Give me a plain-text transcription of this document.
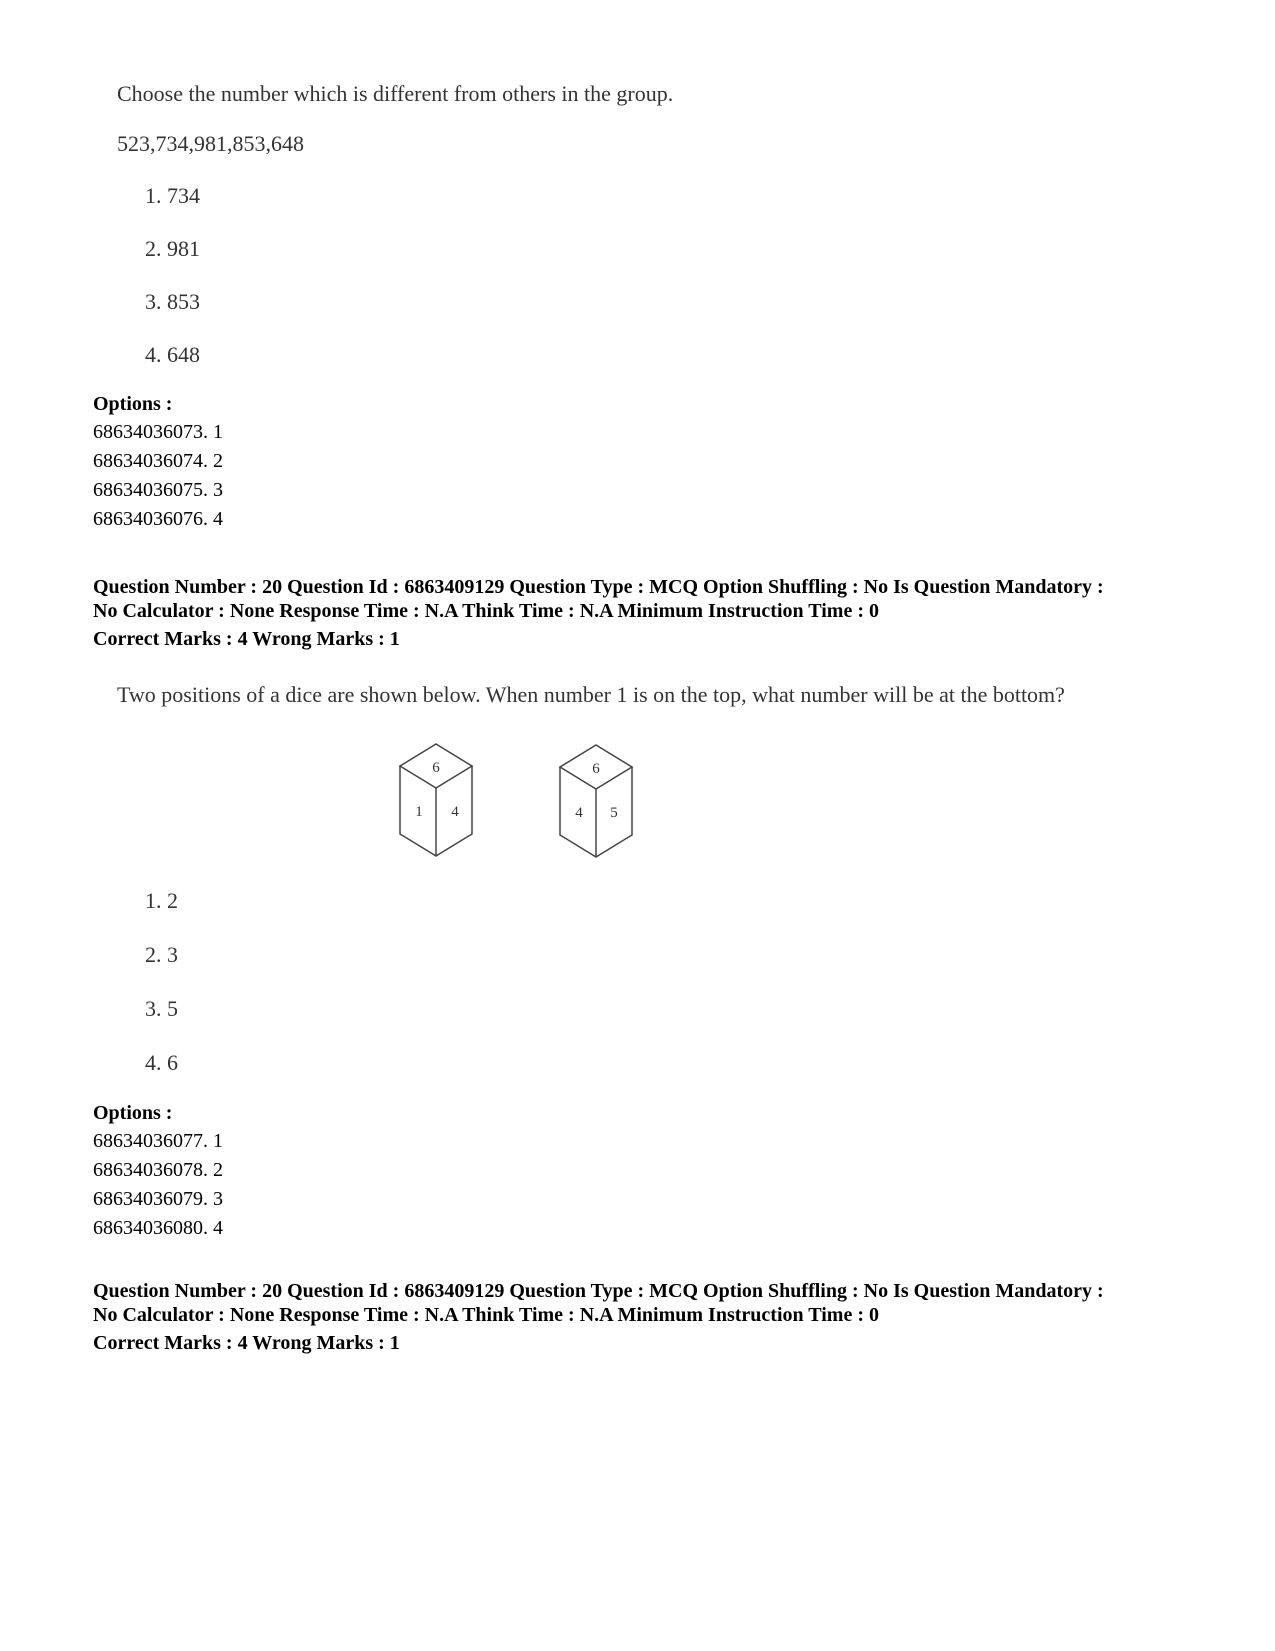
Choose the number which is different from others in the group.
523,734,981,853,648
1. 734
2. 981
3. 853
4. 648
Options :
68634036073. 1
68634036074. 2
68634036075. 3
68634036076. 4
Question Number : 20 Question Id : 6863409129 Question Type : MCQ Option Shuffling : No Is Question Mandatory :
No Calculator : None Response Time : N.A Think Time : N.A Minimum Instruction Time : 0
Correct Marks : 4 Wrong Marks : 1
Two positions of a dice are shown below. When number 1 is on the top, what number will be at the bottom?
6
1 4
6
4 5
1. 2
2. 3
3. 5
4. 6
Options :
68634036077. 1
68634036078. 2
68634036079. 3
68634036080. 4
Question Number : 20 Question Id : 6863409129 Question Type : MCQ Option Shuffling : No Is Question Mandatory :
No Calculator : None Response Time : N.A Think Time : N.A Minimum Instruction Time : 0
Correct Marks : 4 Wrong Marks : 1
